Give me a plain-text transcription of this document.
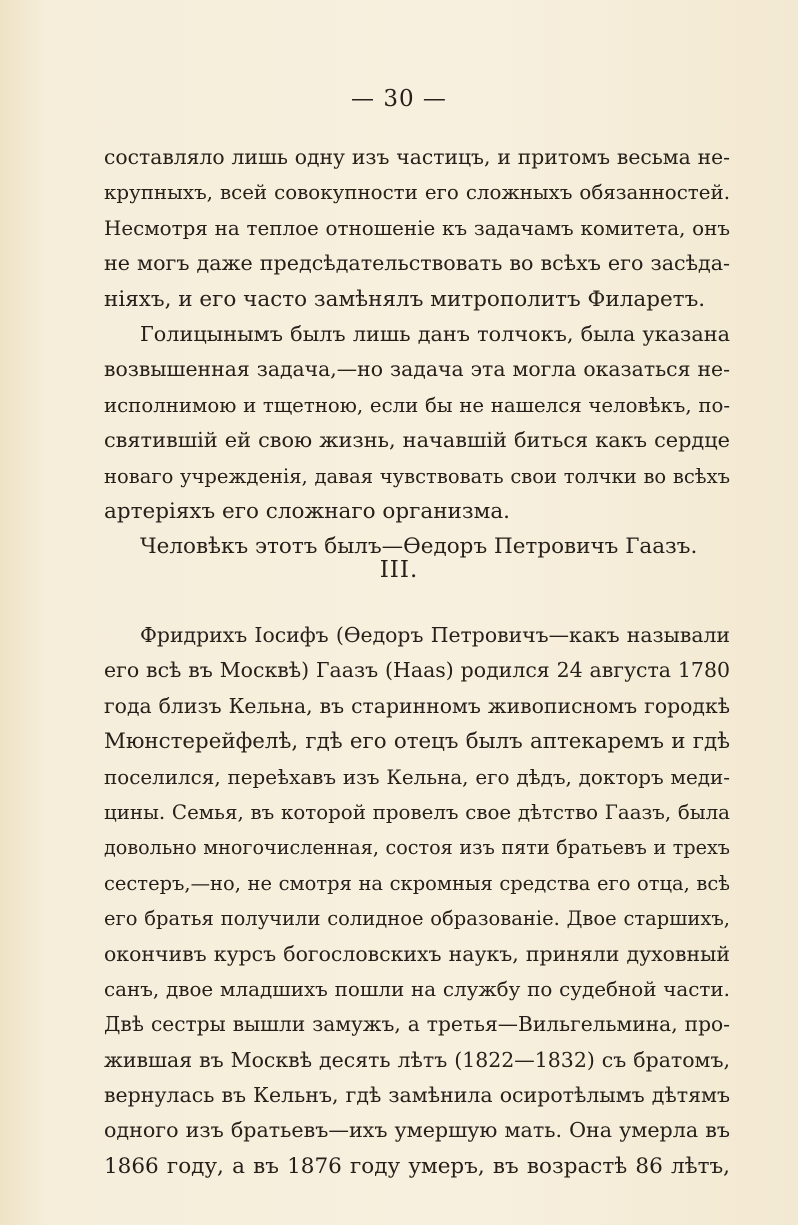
— 30 —
составляло лишь одну изъ частицъ, и притомъ весьма не-
крупныхъ, всей совокупности его сложныхъ обязанностей.
Несмотря на теплое отношеніе къ задачамъ комитета, онъ
не могъ даже предсѣдательствовать во всѣхъ его засѣда-
ніяхъ, и его часто замѣнялъ митрополитъ Филаретъ.
Голицынымъ былъ лишь данъ толчокъ, была указана
возвышенная задача,—но задача эта могла оказаться не-
исполнимою и тщетною, если бы не нашелся человѣкъ, по-
святившій ей свою жизнь, начавшій биться какъ сердце
новаго учрежденія, давая чувствовать свои толчки во всѣхъ
артеріяхъ его сложнаго организма.
Человѣкъ этотъ былъ—Ѳедоръ Петровичъ Гаазъ.
III.
Фридрихъ Іосифъ (Ѳедоръ Петровичъ—какъ называли
его всѣ въ Москвѣ) Гаазъ (Haas) родился 24 августа 1780
года близъ Кельна, въ старинномъ живописномъ городкѣ
Мюнстерейфелѣ, гдѣ его отецъ былъ аптекаремъ и гдѣ
поселился, переѣхавъ изъ Кельна, его дѣдъ, докторъ меди-
цины. Семья, въ которой провелъ свое дѣтство Гаазъ, была
довольно многочисленная, состоя изъ пяти братьевъ и трехъ
сестеръ,—но, не смотря на скромныя средства его отца, всѣ
его братья получили солидное образованіе. Двое старшихъ,
окончивъ курсъ богословскихъ наукъ, приняли духовный
санъ, двое младшихъ пошли на службу по судебной части.
Двѣ сестры вышли замужъ, а третья—Вильгельмина, про-
жившая въ Москвѣ десять лѣтъ (1822—1832) съ братомъ,
вернулась въ Кельнъ, гдѣ замѣнила осиротѣлымъ дѣтямъ
одного изъ братьевъ—ихъ умершую мать. Она умерла въ
1866 году, а въ 1876 году умеръ, въ возрастѣ 86 лѣтъ,
